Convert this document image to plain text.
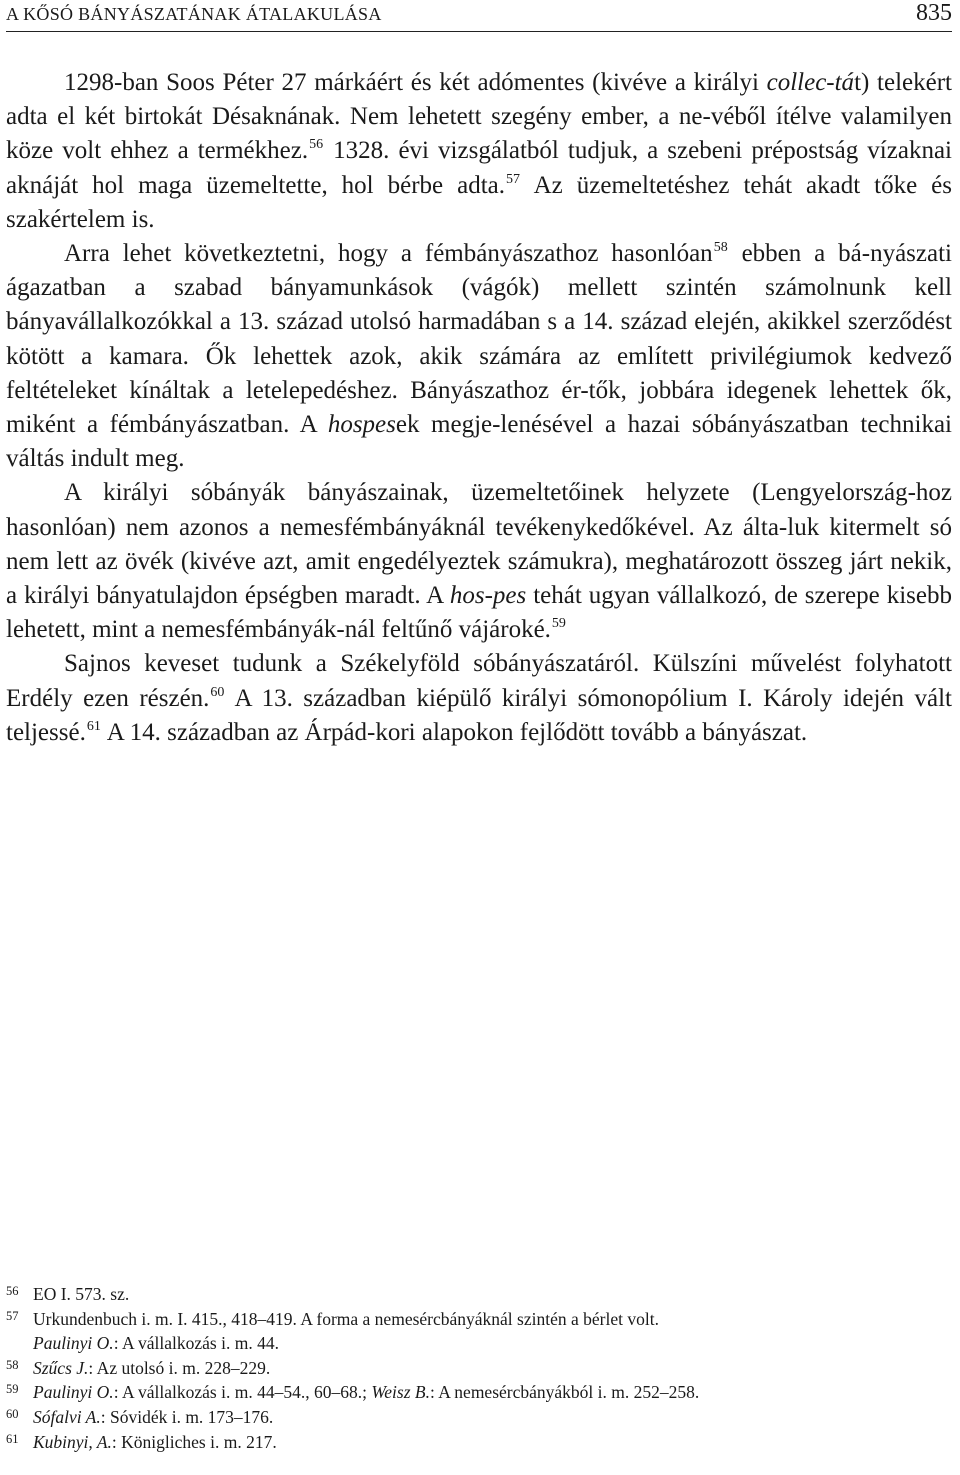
A KŐSÓ BÁNYÁSZATÁNAK ÁTALAKULÁSA	835

1298-ban Soos Péter 27 márkáért és két adómentes (kivéve a királyi collec-tát) telekért adta el két birtokát Désaknának. Nem lehetett szegény ember, a ne-véből ítélve valamilyen köze volt ehhez a termékhez.$^{56}$ 1328. évi vizsgálatból tudjuk, a szebeni prépostság vízaknai aknáját hol maga üzemeltette, hol bérbe adta.$^{57}$ Az üzemeltetéshez tehát akadt tőke és szakértelem is.

Arra lehet következtetni, hogy a fémbányászathoz hasonlóan$^{58}$ ebben a bá-nyászati ágazatban a szabad bányamunkások (vágók) mellett szintén számolnunk kell bányavállalkozókkal a 13. század utolsó harmadában s a 14. század elején, akikkel szerződést kötött a kamara. Ők lehettek azok, akik számára az említett privilégiumok kedvező feltételeket kínáltak a letelepedéshez. Bányászathoz ér-tők, jobbára idegenek lehettek ők, miként a fémbányászatban. A hospesek megje-lenésével a hazai sóbányászatban technikai váltás indult meg.

A királyi sóbányák bányászainak, üzemeltetőinek helyzete (Lengyelország-hoz hasonlóan) nem azonos a nemesfémbányáknál tevékenykedőkével. Az álta-luk kitermelt só nem lett az övék (kivéve azt, amit engedélyeztek számukra), meghatározott összeg járt nekik, a királyi bányatulajdon épségben maradt. A hos-pes tehát ugyan vállalkozó, de szerepe kisebb lehetett, mint a nemesfémbányák-nál feltűnő vájároké.$^{59}$

Sajnos keveset tudunk a Székelyföld sóbányászatáról. Külszíni művelést folyhatott Erdély ezen részén.$^{60}$ A 13. században kiépülő királyi sómonopólium I. Károly idején vált teljessé.$^{61}$ A 14. században az Árpád-kori alapokon fejlődött tovább a bányászat.

56 EO I. 573. sz.
57 Urkundenbuch i. m. I. 415., 418–419. A forma a nemesércbányáknál szintén a bérlet volt.
Paulinyi O.: A vállalkozás i. m. 44.
58 Szűcs J.: Az utolsó i. m. 228–229.
59 Paulinyi O.: A vállalkozás i. m. 44–54., 60–68.; Weisz B.: A nemesércbányákból i. m. 252–258.
60 Sófalvi A.: Sóvidék i. m. 173–176.
61 Kubinyi, A.: Königliches i. m. 217.
